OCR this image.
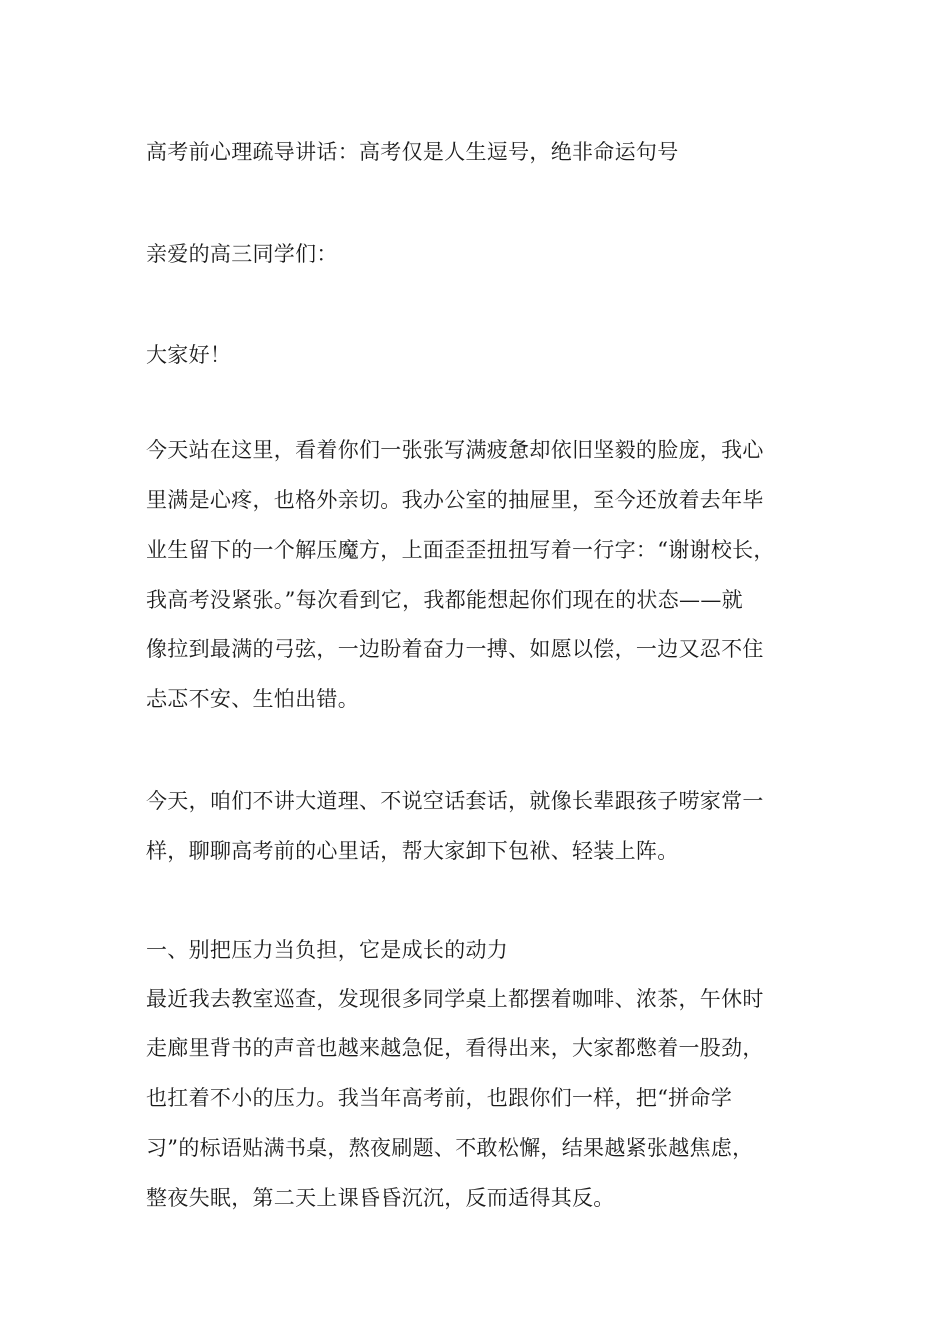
高考前心理疏导讲话：高考仅是人生逗号，绝非命运句号
亲爱的高三同学们：
大家好！
今天站在这里，看着你们一张张写满疲惫却依旧坚毅的脸庞，我心
里满是心疼，也格外亲切。我办公室的抽屉里，至今还放着去年毕
业生留下的一个解压魔方，上面歪歪扭扭写着一行字：“谢谢校长，
我高考没紧张。”每次看到它，我都能想起你们现在的状态——就
像拉到最满的弓弦，一边盼着奋力一搏、如愿以偿，一边又忍不住
忐忑不安、生怕出错。
今天，咱们不讲大道理、不说空话套话，就像长辈跟孩子唠家常一
样，聊聊高考前的心里话，帮大家卸下包袱、轻装上阵。
一、别把压力当负担，它是成长的动力
最近我去教室巡查，发现很多同学桌上都摆着咖啡、浓茶，午休时
走廊里背书的声音也越来越急促，看得出来，大家都憋着一股劲，
也扛着不小的压力。我当年高考前，也跟你们一样，把“拼命学
习”的标语贴满书桌，熬夜刷题、不敢松懈，结果越紧张越焦虑，
整夜失眠，第二天上课昏昏沉沉，反而适得其反。
